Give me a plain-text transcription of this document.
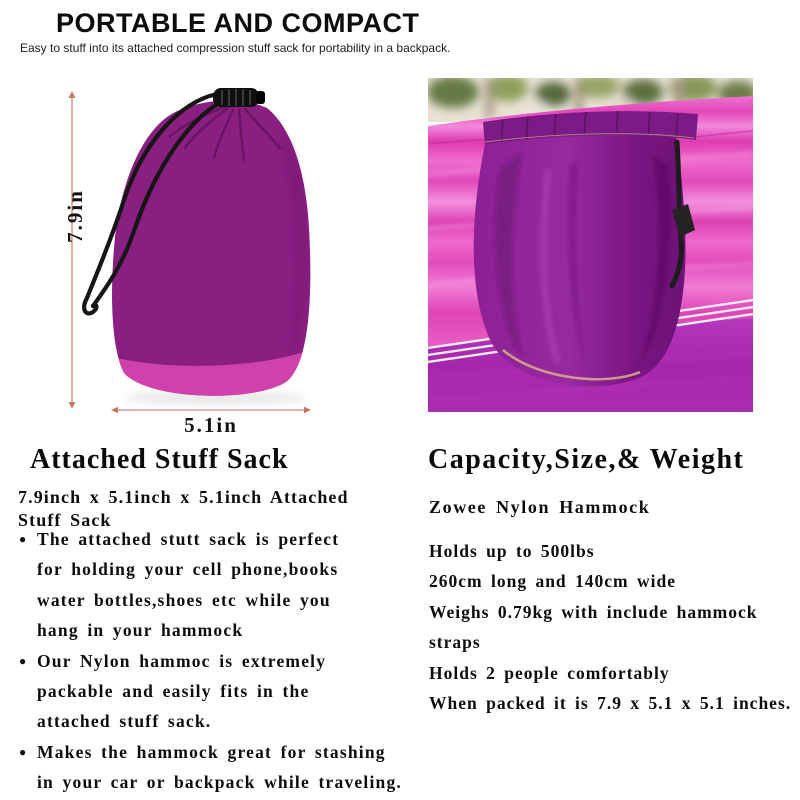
PORTABLE AND COMPACT
Easy to stuff into its attached compression stuff sack for portability in a backpack.
7.9in
5.1in
Attached Stuff Sack
7.9inch x 5.1inch x 5.1inch Attached
Stuff Sack
● The attached stutt sack is perfect
for holding your cell phone,books
water bottles,shoes etc while you
hang in your hammock
● Our Nylon hammoc is extremely
packable and easily fits in the
attached stuff sack.
● Makes the hammock great for stashing
in your car or backpack while traveling.
Capacity,Size,& Weight
Zowee Nylon Hammock
Holds up to 500lbs
260cm long and 140cm wide
Weighs 0.79kg with include hammock
straps
Holds 2 people comfortably
When packed it is 7.9 x 5.1 x 5.1 inches.
